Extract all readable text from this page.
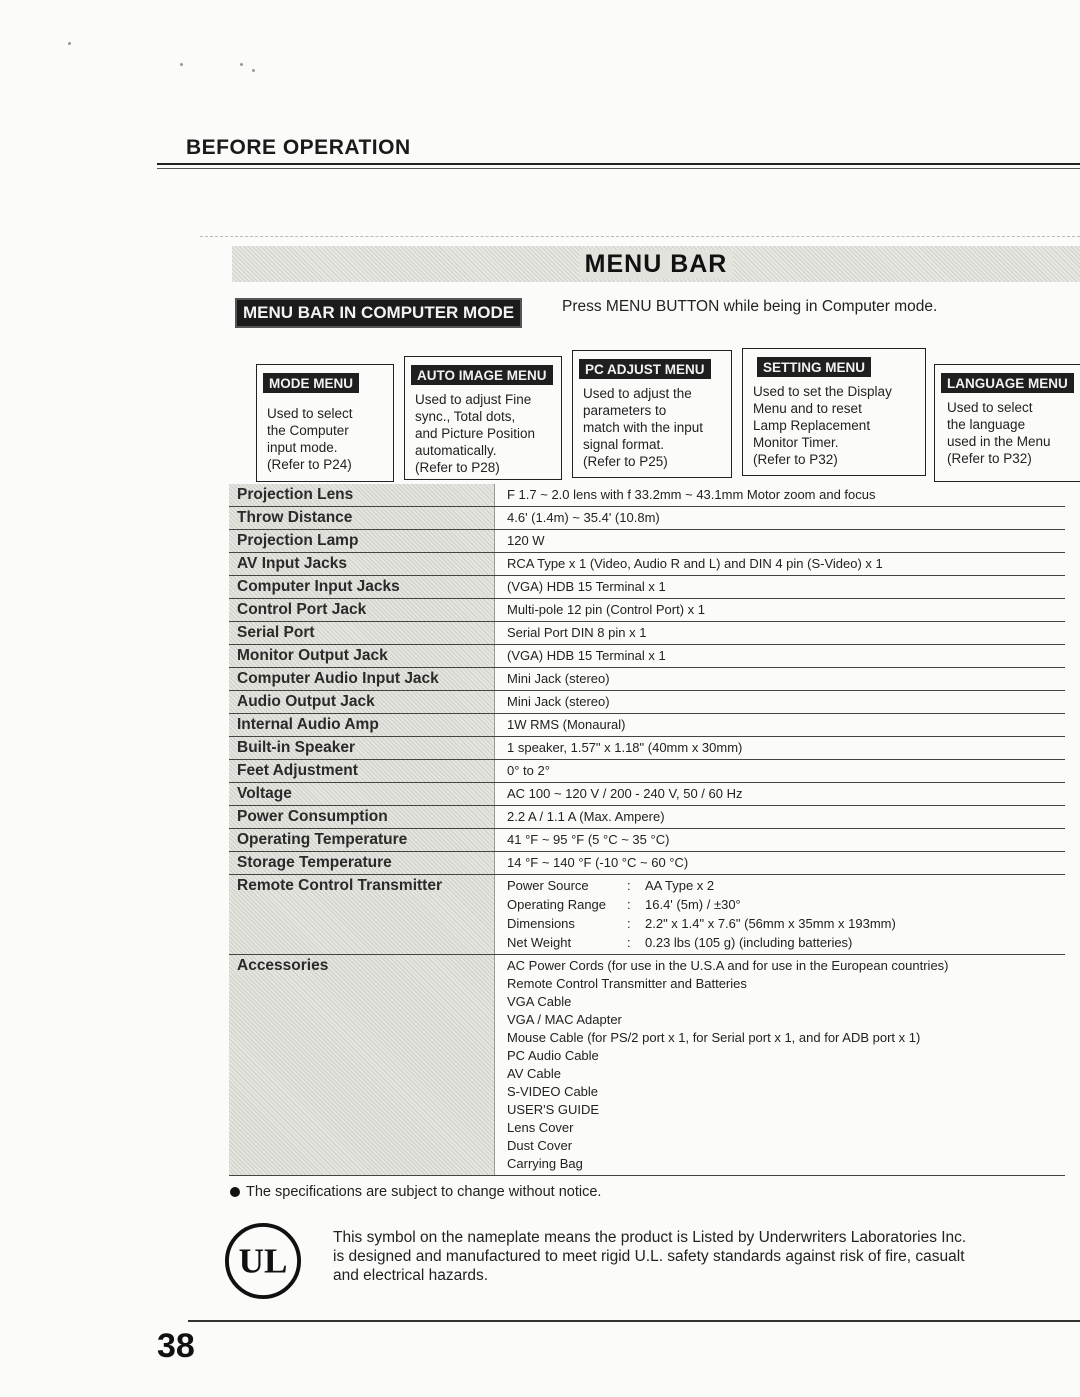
BEFORE OPERATION
MENU BAR
MENU BAR IN COMPUTER MODE	Press MENU BUTTON while being in Computer mode.
MODE MENU
Used to select
the Computer
input mode.
(Refer to P24)
AUTO IMAGE MENU
Used to adjust Fine
sync., Total dots,
and Picture Position
automatically.
(Refer to P28)
PC ADJUST MENU
Used to adjust the
parameters to
match with the input
signal format.
(Refer to P25)
SETTING MENU
Used to set the Display
Menu and to reset
Lamp Replacement
Monitor Timer.
(Refer to P32)
LANGUAGE MENU
Used to select
the language
used in the Menu
(Refer to P32)
Projection Lens	F 1.7 ~ 2.0 lens with f 33.2mm ~ 43.1mm Motor zoom and focus
Throw Distance	4.6' (1.4m) ~ 35.4' (10.8m)
Projection Lamp	120 W
AV Input Jacks	RCA Type x 1 (Video, Audio R and L) and DIN 4 pin (S-Video) x 1
Computer Input Jacks	(VGA) HDB 15 Terminal x 1
Control Port Jack	Multi-pole 12 pin (Control Port) x 1
Serial Port	Serial Port DIN 8 pin x 1
Monitor Output Jack	(VGA) HDB 15 Terminal x 1
Computer Audio Input Jack	Mini Jack (stereo)
Audio Output Jack	Mini Jack (stereo)
Internal Audio Amp	1W RMS (Monaural)
Built-in Speaker	1 speaker, 1.57" x 1.18" (40mm x 30mm)
Feet Adjustment	0° to 2°
Voltage	AC 100 ~ 120 V / 200 - 240 V, 50 / 60 Hz
Power Consumption	2.2 A / 1.1 A (Max. Ampere)
Operating Temperature	41 °F ~ 95 °F (5 °C ~ 35 °C)
Storage Temperature	14 °F ~ 140 °F (-10 °C ~ 60 °C)
Remote Control Transmitter	Power Source	:	AA Type x 2
Operating Range	:	16.4' (5m) / ±30°
Dimensions	:	2.2" x 1.4" x 7.6" (56mm x 35mm x 193mm)
Net Weight	:	0.23 lbs (105 g) (including batteries)
Accessories	AC Power Cords (for use in the U.S.A and for use in the European countries)
Remote Control Transmitter and Batteries
VGA Cable
VGA / MAC Adapter
Mouse Cable (for PS/2 port x 1, for Serial port x 1, and for ADB port x 1)
PC Audio Cable
AV Cable
S-VIDEO Cable
USER'S GUIDE
Lens Cover
Dust Cover
Carrying Bag
The specifications are subject to change without notice.
UL
This symbol on the nameplate means the product is Listed by Underwriters Laboratories Inc.
is designed and manufactured to meet rigid U.L. safety standards against risk of fire, casualt
and electrical hazards.
38
